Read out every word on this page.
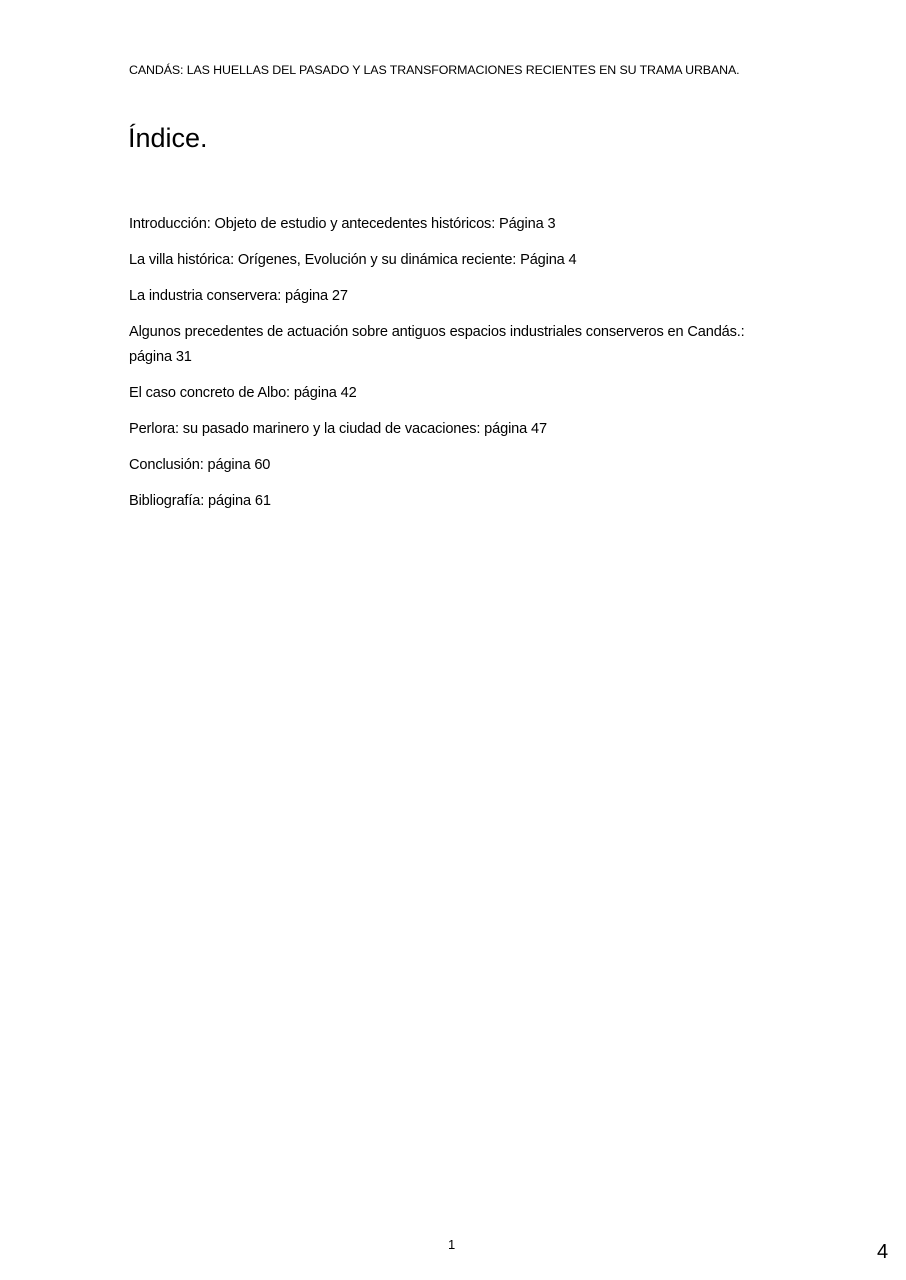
CANDÁS: LAS HUELLAS DEL PASADO Y LAS TRANSFORMACIONES RECIENTES EN SU TRAMA URBANA.
Índice.
Introducción: Objeto de estudio y antecedentes históricos: Página 3
La villa histórica: Orígenes, Evolución y su dinámica reciente: Página 4
La industria conservera: página 27
Algunos precedentes de actuación sobre antiguos espacios industriales conserveros en Candás.: página 31
El caso concreto de Albo: página 42
Perlora: su pasado marinero y la ciudad de vacaciones: página 47
Conclusión: página 60
Bibliografía: página 61
1	4
